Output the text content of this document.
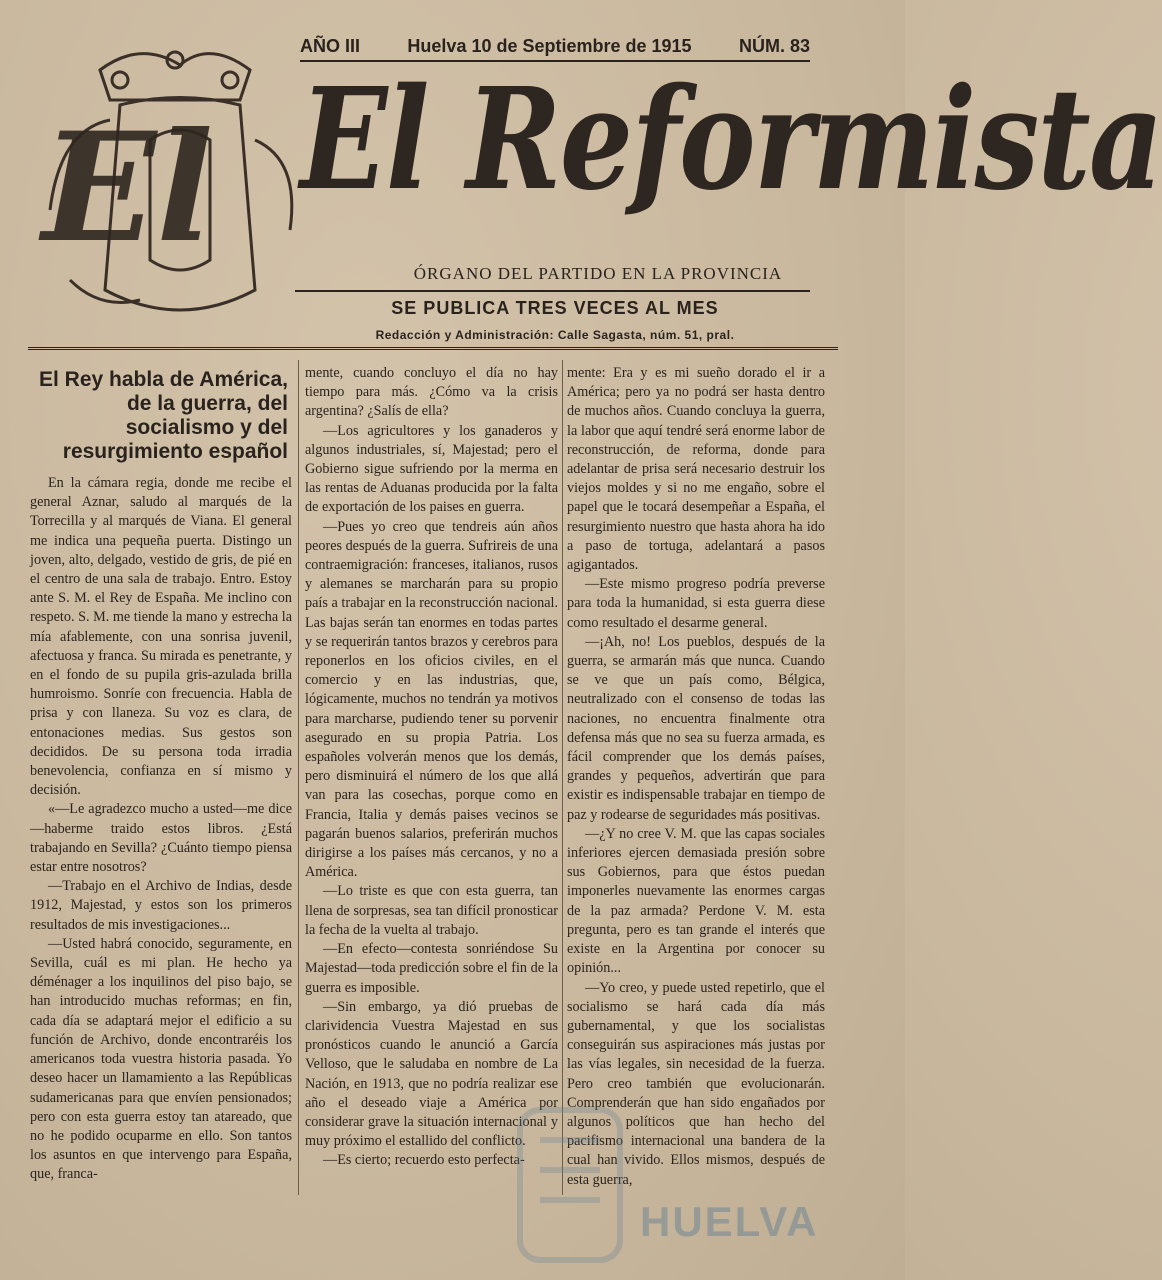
El
AÑO III	Huelva 10 de Septiembre de 1915	NÚM. 83
El Reformista
ÓRGANO DEL PARTIDO EN LA PROVINCIA
SE PUBLICA TRES VECES AL MES
Redacción y Administración: Calle Sagasta, núm. 51, pral.
El Rey habla de América, de la guerra, del socialismo y del resurgimiento español

En la cámara regia, donde me recibe el general Aznar, saludo al marqués de la Torrecilla y al marqués de Viana. El general me indica una pequeña puerta. Distingo un joven, alto, delgado, vestido de gris, de pié en el centro de una sala de trabajo. Entro. Estoy ante S. M. el Rey de España. Me inclino con respeto. S. M. me tiende la mano y estrecha la mía afablemente, con una sonrisa juvenil, afectuosa y franca. Su mirada es penetrante, y en el fondo de su pupila gris-azulada brilla humroismo. Sonríe con frecuencia. Habla de prisa y con llaneza. Su voz es clara, de entonaciones medias. Sus gestos son decididos. De su persona toda irradia benevolencia, confianza en sí mismo y decisión.

«—Le agradezco mucho a usted—me dice—haberme traido estos libros. ¿Está trabajando en Sevilla? ¿Cuánto tiempo piensa estar entre nosotros?

—Trabajo en el Archivo de Indias, desde 1912, Majestad, y estos son los primeros resultados de mis investigaciones...

—Usted habrá conocido, seguramente, en Sevilla, cuál es mi plan. He hecho ya déménager a los inquilinos del piso bajo, se han introducido muchas reformas; en fin, cada día se adaptará mejor el edificio a su función de Archivo, donde encontraréis los americanos toda vuestra historia pasada. Yo deseo hacer un llamamiento a las Repúblicas sudamericanas para que envíen pensionados; pero con esta guerra estoy tan atareado, que no he podido ocuparme en ello. Son tantos los asuntos en que intervengo para España, que, franca-

mente, cuando concluyo el día no hay tiempo para más. ¿Cómo va la crisis argentina? ¿Salís de ella?

—Los agricultores y los ganaderos y algunos industriales, sí, Majestad; pero el Gobierno sigue sufriendo por la merma en las rentas de Aduanas producida por la falta de exportación de los paises en guerra.

—Pues yo creo que tendreis aún años peores después de la guerra. Sufrireis de una contraemigración: franceses, italianos, rusos y alemanes se marcharán para su propio país a trabajar en la reconstrucción nacional. Las bajas serán tan enormes en todas partes y se requerirán tantos brazos y cerebros para reponerlos en los oficios civiles, en el comercio y en las industrias, que, lógicamente, muchos no tendrán ya motivos para marcharse, pudiendo tener su porvenir asegurado en su propia Patria. Los españoles volverán menos que los demás, pero disminuirá el número de los que allá van para las cosechas, porque como en Francia, Italia y demás paises vecinos se pagarán buenos salarios, preferirán muchos dirigirse a los países más cercanos, y no a América.

—Lo triste es que con esta guerra, tan llena de sorpresas, sea tan difícil pronosticar la fecha de la vuelta al trabajo.

—En efecto—contesta sonriéndose Su Majestad—toda predicción sobre el fin de la guerra es imposible.

—Sin embargo, ya dió pruebas de clarividencia Vuestra Majestad en sus pronósticos cuando le anunció a García Velloso, que le saludaba en nombre de La Nación, en 1913, que no podría realizar ese año el deseado viaje a América por considerar grave la situación internacional y muy próximo el estallido del conflicto.

—Es cierto; recuerdo esto perfecta-

mente: Era y es mi sueño dorado el ir a América; pero ya no podrá ser hasta dentro de muchos años. Cuando concluya la guerra, la labor que aquí tendré será enorme labor de reconstrucción, de reforma, donde para adelantar de prisa será necesario destruir los viejos moldes y si no me engaño, sobre el papel que le tocará desempeñar a España, el resurgimiento nuestro que hasta ahora ha ido a paso de tortuga, adelantará a pasos agigantados.

—Este mismo progreso podría preverse para toda la humanidad, si esta guerra diese como resultado el desarme general.

—¡Ah, no! Los pueblos, después de la guerra, se armarán más que nunca. Cuando se ve que un país como, Bélgica, neutralizado con el consenso de todas las naciones, no encuentra finalmente otra defensa más que no sea su fuerza armada, es fácil comprender que los demás países, grandes y pequeños, advertirán que para existir es indispensable trabajar en tiempo de paz y rodearse de seguridades más positivas.

—¿Y no cree V. M. que las capas sociales inferiores ejercen demasiada presión sobre sus Gobiernos, para que éstos puedan imponerles nuevamente las enormes cargas de la paz armada? Perdone V. M. esta pregunta, pero es tan grande el interés que existe en la Argentina por conocer su opinión...

—Yo creo, y puede usted repetirlo, que el socialismo se hará cada día más gubernamental, y que los socialistas conseguirán sus aspiraciones más justas por las vías legales, sin necesidad de la fuerza. Pero creo también que evolucionarán. Comprenderán que han sido engañados por algunos políticos que han hecho del pacifismo internacional una bandera de la cual han vivido. Ellos mismos, después de esta guerra,

HUELVA
